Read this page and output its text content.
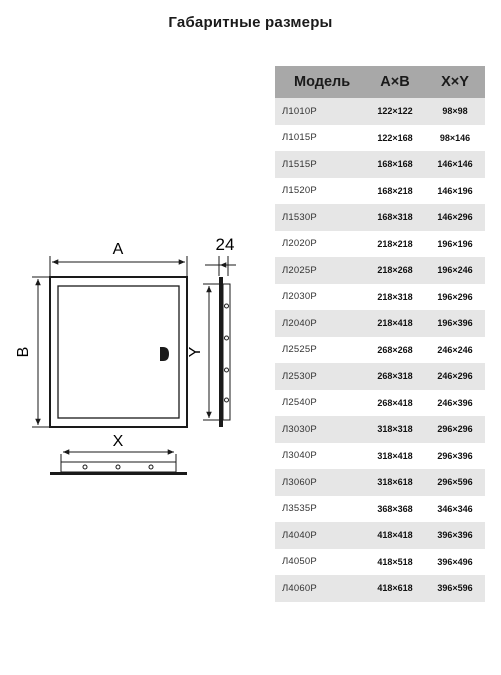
Габаритные размеры
A
B
X
24
Y
Модель	A×B	X×Y
Л1010Р	122×122	98×98
Л1015Р	122×168	98×146
Л1515Р	168×168	146×146
Л1520Р	168×218	146×196
Л1530Р	168×318	146×296
Л2020Р	218×218	196×196
Л2025Р	218×268	196×246
Л2030Р	218×318	196×296
Л2040Р	218×418	196×396
Л2525Р	268×268	246×246
Л2530Р	268×318	246×296
Л2540Р	268×418	246×396
Л3030Р	318×318	296×296
Л3040Р	318×418	296×396
Л3060Р	318×618	296×596
Л3535Р	368×368	346×346
Л4040Р	418×418	396×396
Л4050Р	418×518	396×496
Л4060Р	418×618	396×596
